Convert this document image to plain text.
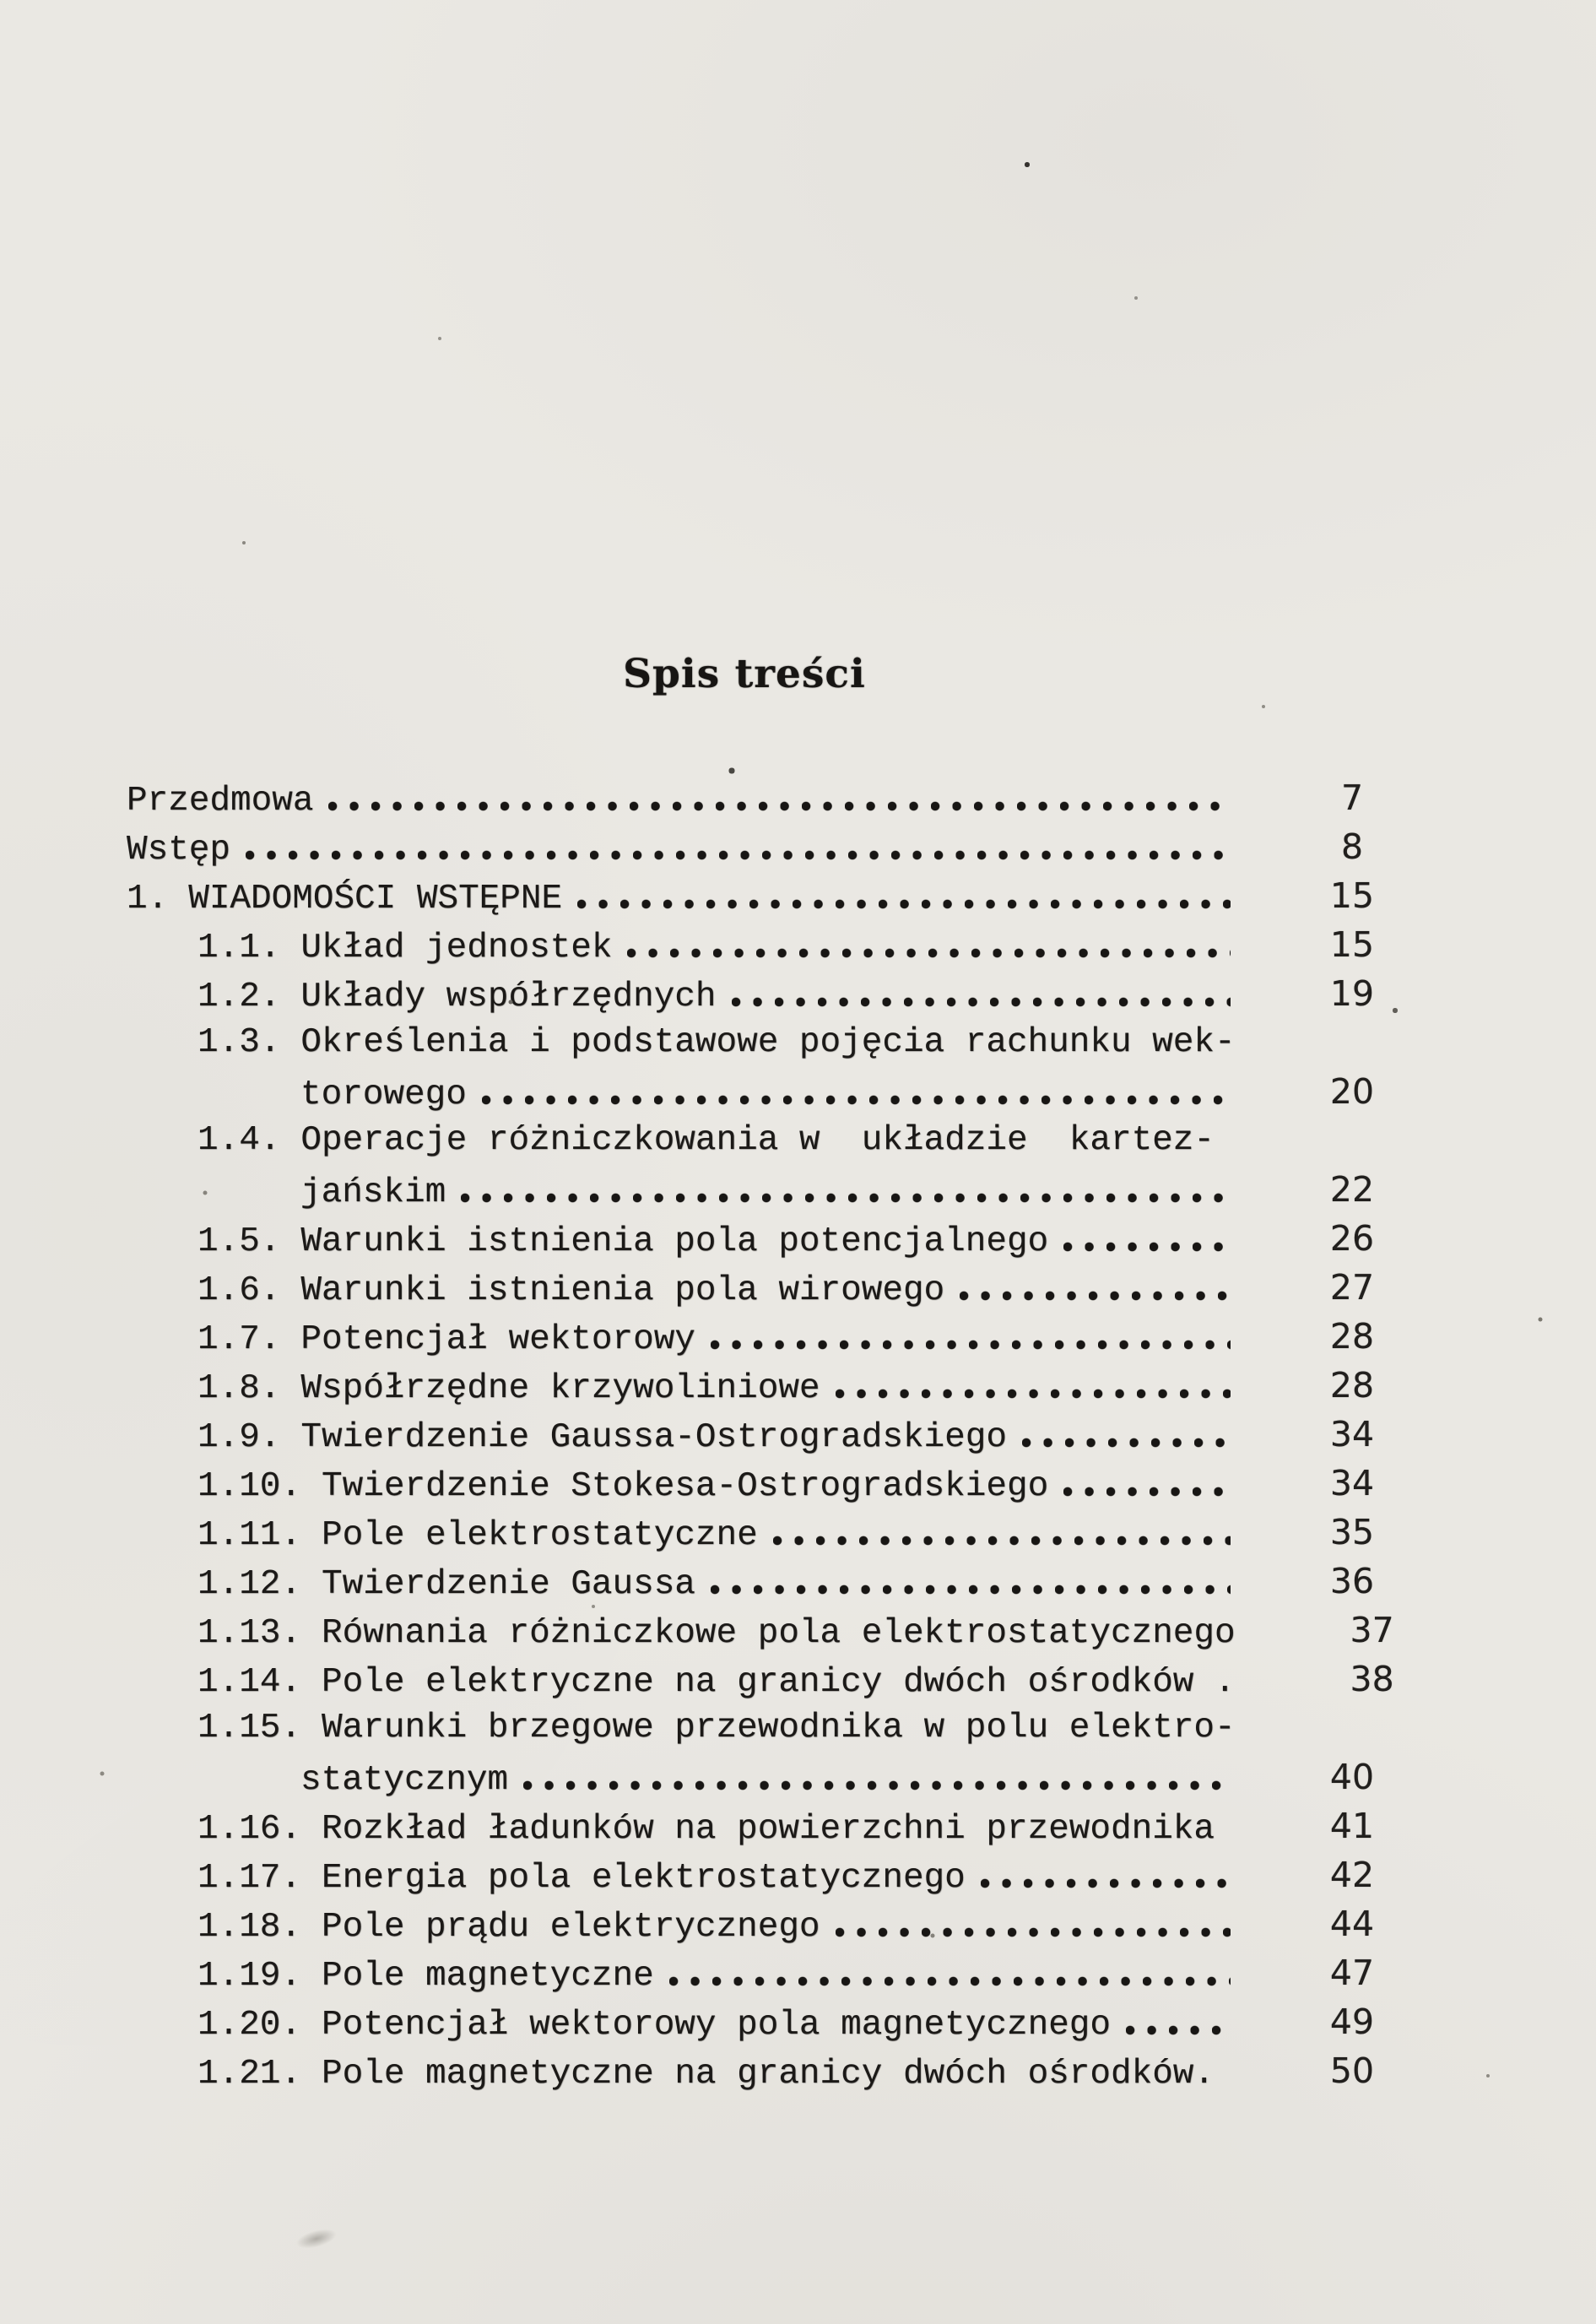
Spis treści
Przedmowa	7
Wstęp	8
1. WIADOMOŚCI WSTĘPNE	15
1.1. Układ jednostek	15
1.2. Układy współrzędnych	19
1.3. Określenia i podstawowe pojęcia rachunku wek-
torowego	20
1.4. Operacje różniczkowania w  układzie  kartez-
jańskim	22
1.5. Warunki istnienia pola potencjalnego	26
1.6. Warunki istnienia pola wirowego	27
1.7. Potencjał wektorowy	28
1.8. Współrzędne krzywoliniowe	28
1.9. Twierdzenie Gaussa-Ostrogradskiego	34
1.10. Twierdzenie Stokesa-Ostrogradskiego	34
1.11. Pole elektrostatyczne	35
1.12. Twierdzenie Gaussa	36
1.13. Równania różniczkowe pola elektrostatycznego	37
1.14. Pole elektryczne na granicy dwóch ośrodków .	38
1.15. Warunki brzegowe przewodnika w polu elektro-
statycznym	40
1.16. Rozkład ładunków na powierzchni przewodnika	41
1.17. Energia pola elektrostatycznego	42
1.18. Pole prądu elektrycznego	44
1.19. Pole magnetyczne	47
1.20. Potencjał wektorowy pola magnetycznego	49
1.21. Pole magnetyczne na granicy dwóch ośrodków.	50
